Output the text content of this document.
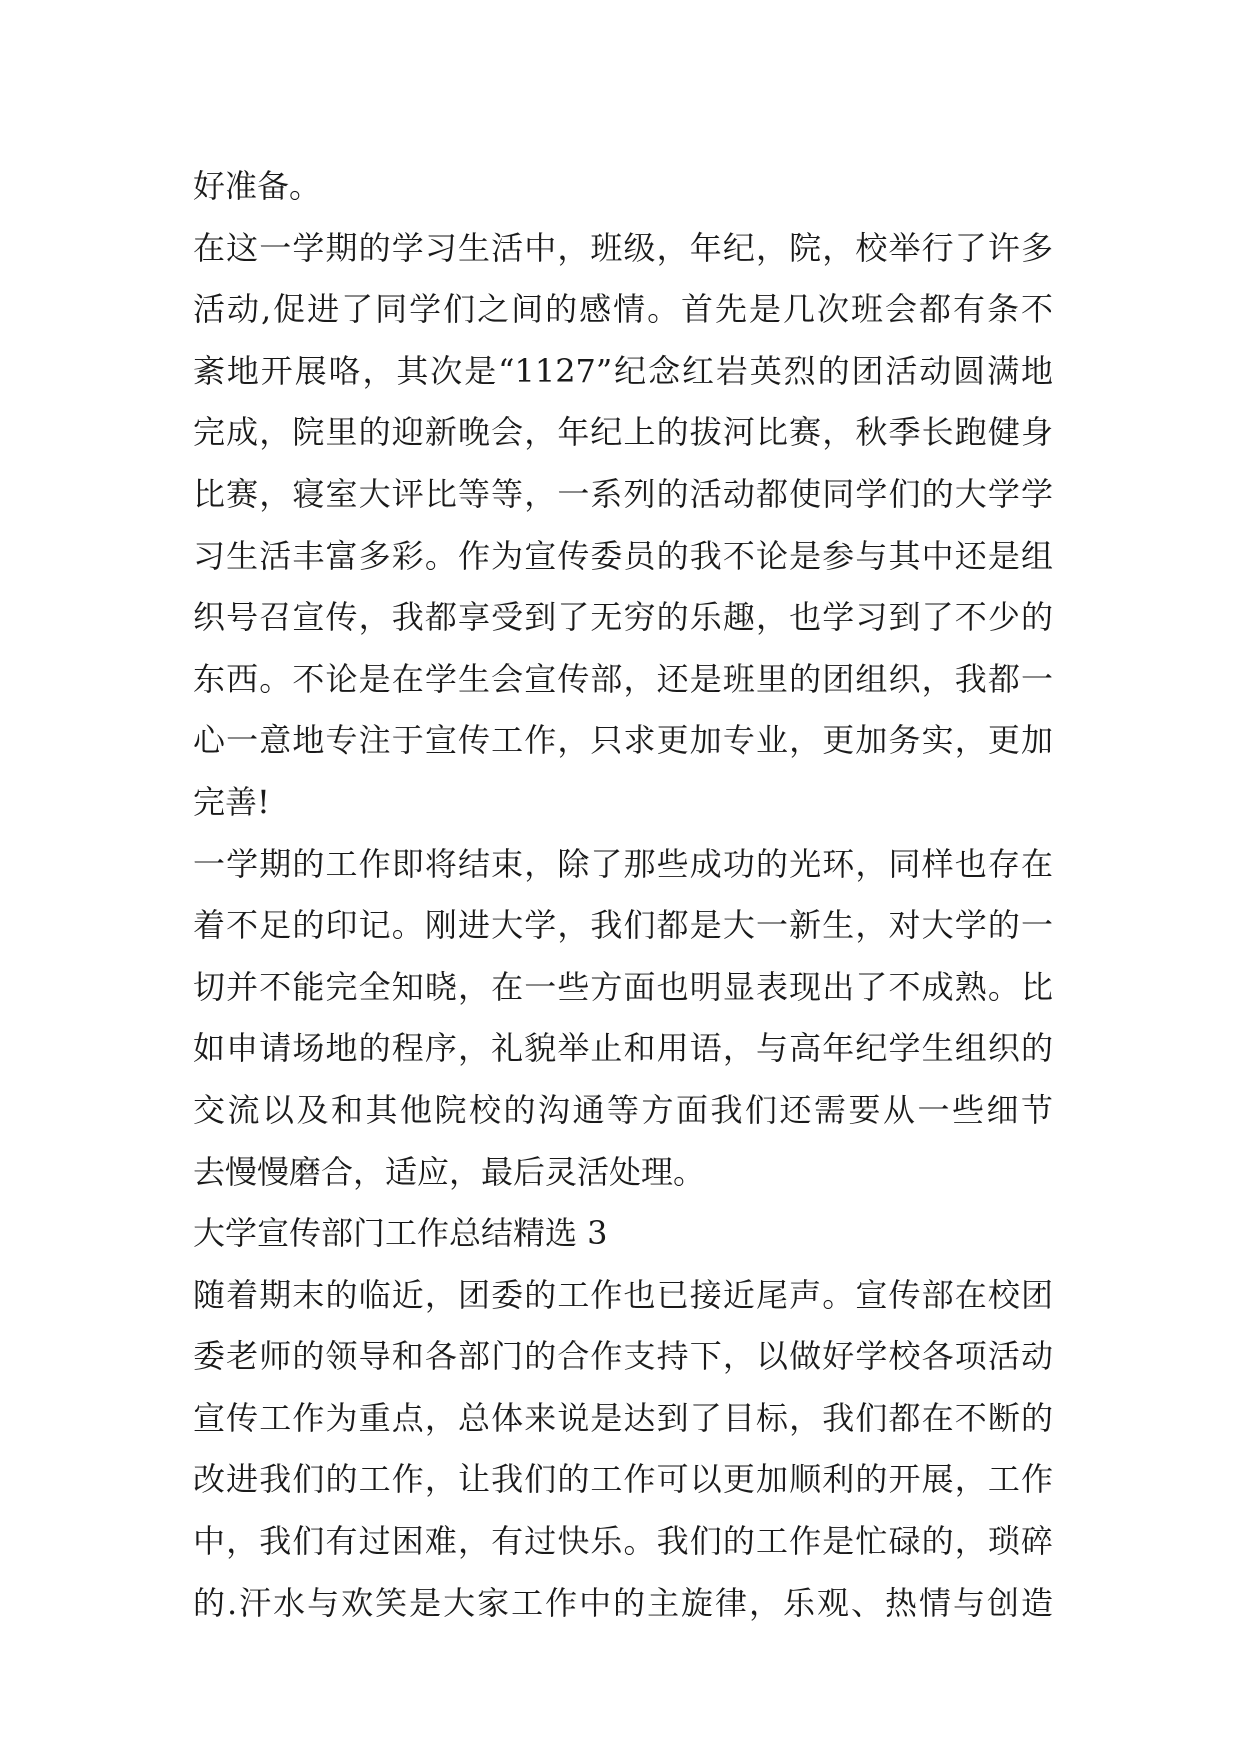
好准备。
在这一学期的学习生活中，班级，年纪，院，校举行了许多
活动,促进了同学们之间的感情。首先是几次班会都有条不
紊地开展咯，其次是“1127”纪念红岩英烈的团活动圆满地
完成，院里的迎新晚会，年纪上的拔河比赛，秋季长跑健身
比赛，寝室大评比等等，一系列的活动都使同学们的大学学
习生活丰富多彩。作为宣传委员的我不论是参与其中还是组
织号召宣传，我都享受到了无穷的乐趣，也学习到了不少的
东西。不论是在学生会宣传部，还是班里的团组织，我都一
心一意地专注于宣传工作，只求更加专业，更加务实，更加
完善!
一学期的工作即将结束，除了那些成功的光环，同样也存在
着不足的印记。刚进大学，我们都是大一新生，对大学的一
切并不能完全知晓，在一些方面也明显表现出了不成熟。比
如申请场地的程序，礼貌举止和用语，与高年纪学生组织的
交流以及和其他院校的沟通等方面我们还需要从一些细节
去慢慢磨合，适应，最后灵活处理。
大学宣传部门工作总结精选 3
随着期末的临近，团委的工作也已接近尾声。宣传部在校团
委老师的领导和各部门的合作支持下，以做好学校各项活动
宣传工作为重点，总体来说是达到了目标，我们都在不断的
改进我们的工作，让我们的工作可以更加顺利的开展，工作
中，我们有过困难，有过快乐。我们的工作是忙碌的，琐碎
的.汗水与欢笑是大家工作中的主旋律，乐观、热情与创造
